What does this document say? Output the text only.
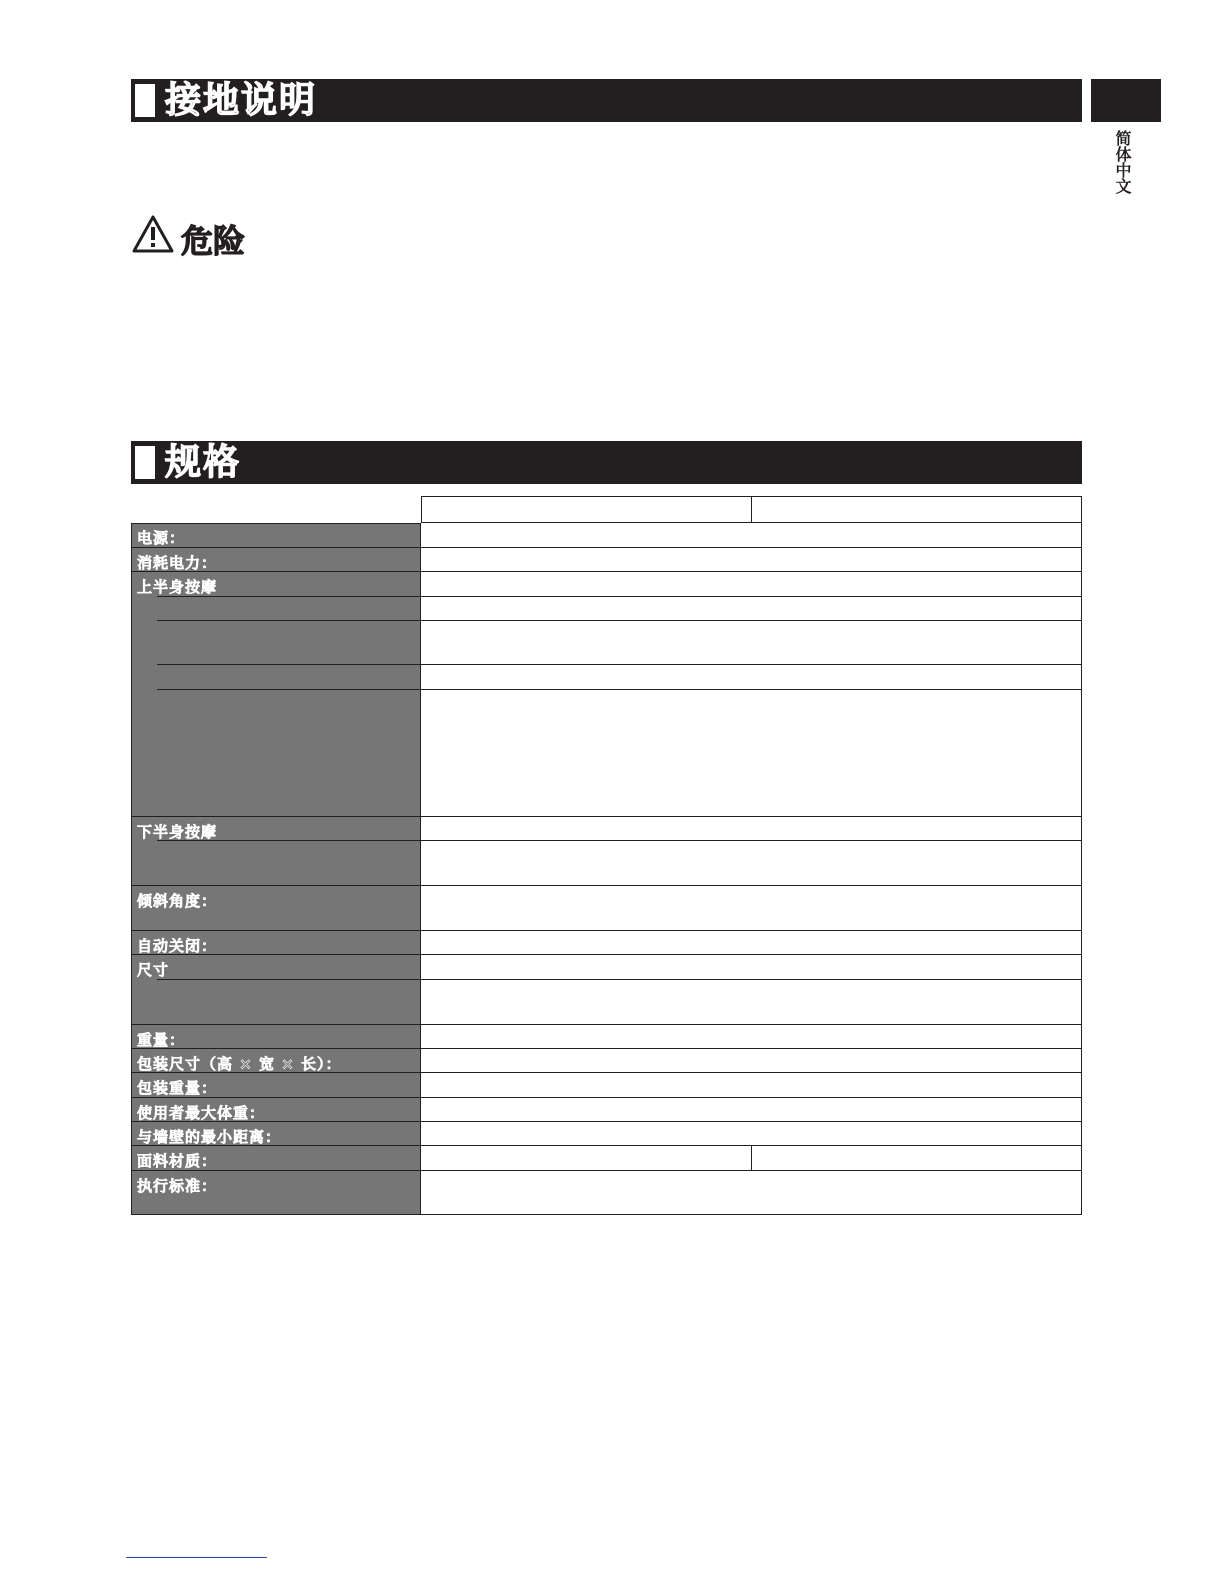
接地说明
简体中文
危险
规格
电源：
消耗电力：
上半身按摩
下半身按摩
倾斜角度：
自动关闭：
尺寸
重量：
包装尺寸（高 × 宽 × 长）：
包装重量：
使用者最大体重：
与墙壁的最小距离：
面料材质：
执行标准：
